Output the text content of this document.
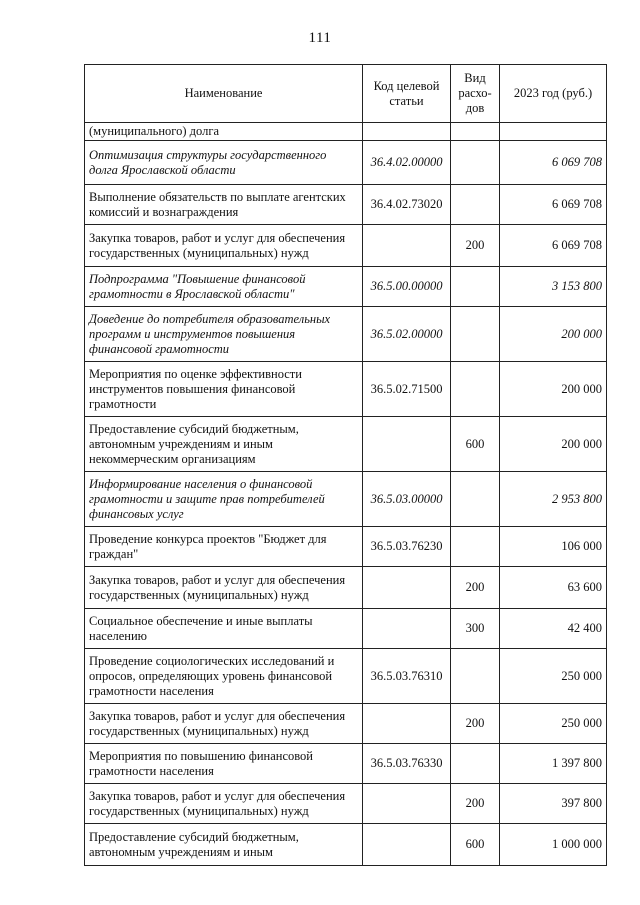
111
Наименование	Код целевой статьи	Вид расхо-дов	2023 год (руб.)
(муниципального) долга			
Оптимизация структуры государственного долга Ярославской области	36.4.02.00000		6 069 708
Выполнение обязательств по выплате агентских комиссий и вознаграждения	36.4.02.73020		6 069 708
Закупка товаров, работ и услуг для обеспечения государственных (муниципальных) нужд		200	6 069 708
Подпрограмма "Повышение финансовой грамотности в Ярославской области"	36.5.00.00000		3 153 800
Доведение до потребителя образовательных программ и инструментов повышения финансовой грамотности	36.5.02.00000		200 000
Мероприятия по оценке эффективности инструментов повышения финансовой грамотности	36.5.02.71500		200 000
Предоставление субсидий бюджетным, автономным учреждениям и иным некоммерческим организациям		600	200 000
Информирование населения о финансовой грамотности и защите прав потребителей финансовых услуг	36.5.03.00000		2 953 800
Проведение конкурса проектов "Бюджет для граждан"	36.5.03.76230		106 000
Закупка товаров, работ и услуг для обеспечения государственных (муниципальных) нужд		200	63 600
Социальное обеспечение и иные выплаты населению		300	42 400
Проведение социологических исследований и опросов, определяющих уровень финансовой грамотности населения	36.5.03.76310		250 000
Закупка товаров, работ и услуг для обеспечения государственных (муниципальных) нужд		200	250 000
Мероприятия по повышению финансовой грамотности населения	36.5.03.76330		1 397 800
Закупка товаров, работ и услуг для обеспечения государственных (муниципальных) нужд		200	397 800
Предоставление субсидий бюджетным, автономным учреждениям и иным		600	1 000 000
